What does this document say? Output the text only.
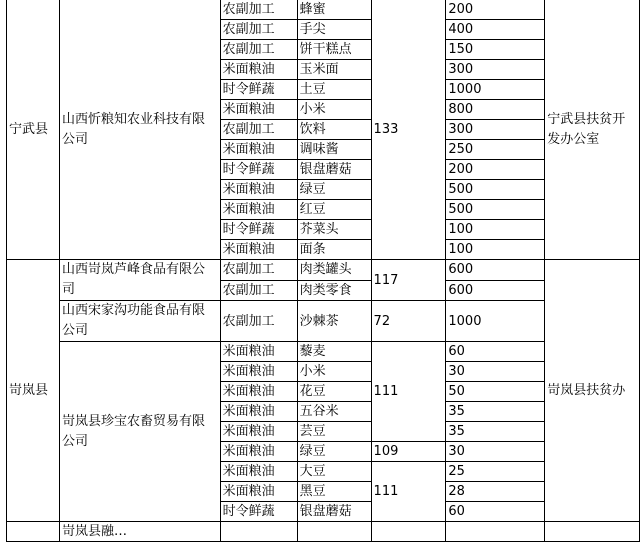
宁武县	山西忻粮知农业科技有限公司	农副加工	蜂蜜	133	200	宁武县扶贫开发办公室
		农副加工	手尖		400	
		农副加工	饼干糕点		150	
		米面粮油	玉米面		300	
		时令鲜蔬	土豆		1000	
		米面粮油	小米		800	
		农副加工	饮料		300	
		米面粮油	调味酱		250	
		时令鲜蔬	银盘蘑菇		200	
		米面粮油	绿豆		500	
		米面粮油	红豆		500	
		时令鲜蔬	芥菜头		100	
		米面粮油	面条		100	
岢岚县	山西岢岚芦峰食品有限公司	农副加工	肉类罐头	117	600	岢岚县扶贫办
		农副加工	肉类零食		600	
	山西宋家沟功能食品有限公司	农副加工	沙棘茶	72	1000	
	岢岚县珍宝农畜贸易有限公司	米面粮油	藜麦	111	60	
		米面粮油	小米		30	
		米面粮油	花豆		50	
		米面粮油	五谷米		35	
		米面粮油	芸豆		35	
		米面粮油	绿豆	109	30	
		米面粮油	大豆	111	25	
		米面粮油	黑豆		28	
		时令鲜蔬	银盘蘑菇		60	
	岢岚县融…					
